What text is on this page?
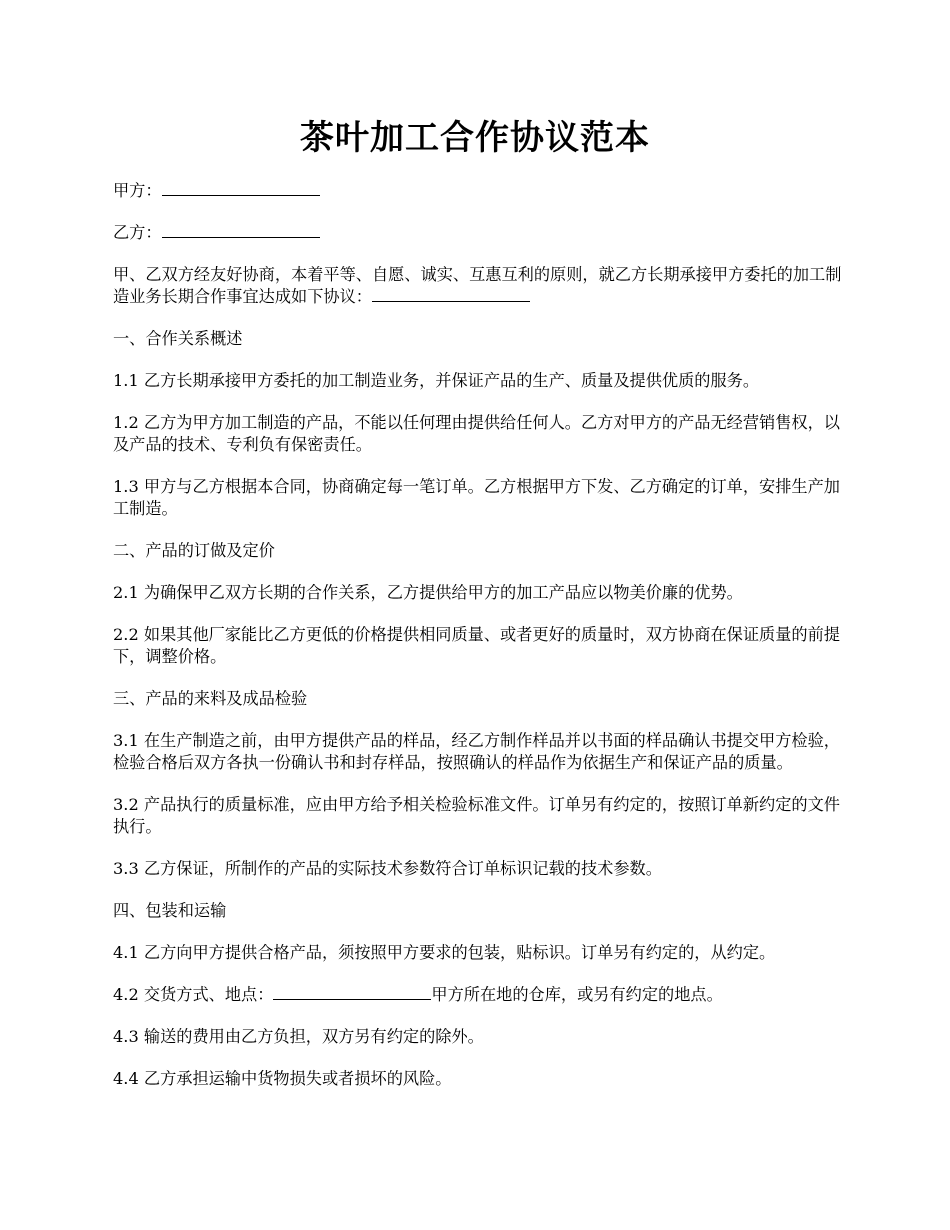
茶叶加工合作协议范本

甲方：

乙方：

甲、乙双方经友好协商，本着平等、自愿、诚实、互惠互利的原则，就乙方长期承接甲方委托的加工制造业务长期合作事宜达成如下协议：

一、合作关系概述

1.1 乙方长期承接甲方委托的加工制造业务，并保证产品的生产、质量及提供优质的服务。

1.2 乙方为甲方加工制造的产品，不能以任何理由提供给任何人。乙方对甲方的产品无经营销售权，以及产品的技术、专利负有保密责任。

1.3 甲方与乙方根据本合同，协商确定每一笔订单。乙方根据甲方下发、乙方确定的订单，安排生产加工制造。

二、产品的订做及定价

2.1 为确保甲乙双方长期的合作关系，乙方提供给甲方的加工产品应以物美价廉的优势。

2.2 如果其他厂家能比乙方更低的价格提供相同质量、或者更好的质量时，双方协商在保证质量的前提下，调整价格。

三、产品的来料及成品检验

3.1 在生产制造之前，由甲方提供产品的样品，经乙方制作样品并以书面的样品确认书提交甲方检验，检验合格后双方各执一份确认书和封存样品，按照确认的样品作为依据生产和保证产品的质量。

3.2 产品执行的质量标准，应由甲方给予相关检验标准文件。订单另有约定的，按照订单新约定的文件执行。

3.3 乙方保证，所制作的产品的实际技术参数符合订单标识记载的技术参数。

四、包装和运输

4.1 乙方向甲方提供合格产品，须按照甲方要求的包装，贴标识。订单另有约定的，从约定。

4.2 交货方式、地点：	甲方所在地的仓库，或另有约定的地点。

4.3 输送的费用由乙方负担，双方另有约定的除外。

4.4 乙方承担运输中货物损失或者损坏的风险。
